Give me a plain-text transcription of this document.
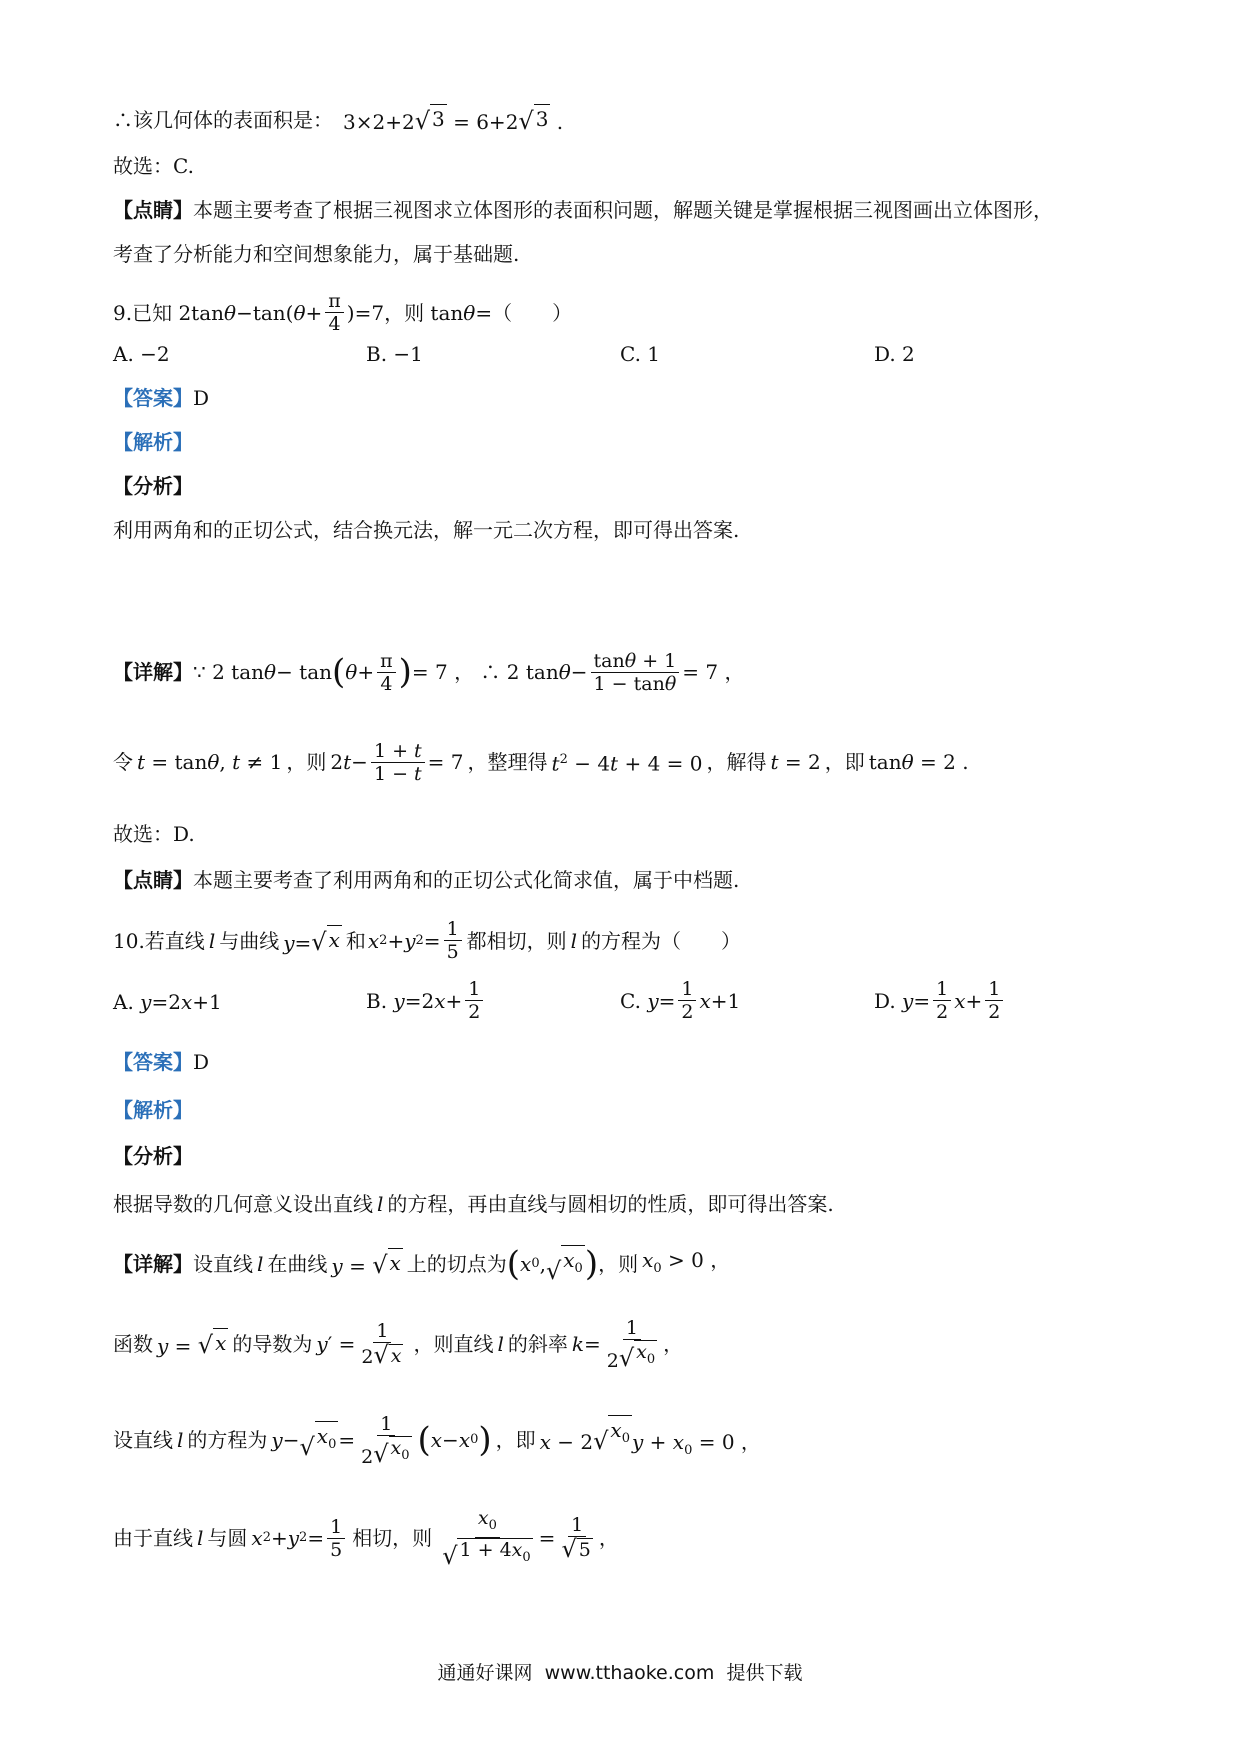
∴该几何体的表面积是： 3×2+2 √ 3 = 6+2 √ 3 .
故选：C.
【点睛】 本题主要考查了根据三视图求立体图形的表面积问题，解题关键是掌握根据三视图画出立体图形，
考查了分析能力和空间想象能力，属于基础题.
9.已知 2tan θ −tan( $\theta + \frac{\pi}{4} )=7$，则 tan θ =（　　）
A. −2	B. −1	C. 1	D. 2
【答案】 D
【解析】
【分析】
利用两角和的正切公式，结合换元法，解一元二次方程，即可得出答案.
【详解】 ∵ 2 tan θ − tan ( $\theta + \frac{\pi}{4}$ ) = 7 ， ∴ 2 $\tan \theta - \frac{\tan\theta + 1}{1 - \tan\theta} = 7$ ，
令 t = tanθ, t ≠ 1 ，则 2 $t - \frac{1 + t}{1 - t} = 7$ ，整理得 $t^2 - 4t + 4 = 0$ ，解得 t = 2 ，即 tanθ = 2 .
故选：D.
【点睛】 本题主要考查了利用两角和的正切公式化简求值，属于中档题.
10.若直线 l 与曲线 y= √ x 和 x 2 + y $2 = \frac{1}{5}$ 都相切，则 l 的方程为（　　）
A.
y =2 x +1	B.
y =2 $x + \frac{1}{2}$	C.
$y = \frac{1}{2}$ x +1	D.
$y = \frac{1}{2}$ $x + \frac{1}{2}$
【答案】 D
【解析】
【分析】
根据导数的几何意义设出直线 l 的方程，再由直线与圆相切的性质，即可得出答案.
【详解】 设直线 l 在曲线 y = √ x 上的切点为 ( x 0 , √ $x_0$ ) ，则 $x_0 > 0$ ，
函数 y = √ x 的导数为 y ′ = $\frac{1}{2 √ x}$ ，则直线 l 的斜率 $k = \frac{1}{2 √ x_0}$ ，
设直线 l 的方程为 y − √ $x_0 = \frac{1}{2 √ x_0}$ ( x − x 0 ) ，即 x − 2 √ $x_0$ $y + x_0 = 0$ ，
由于直线 l 与圆 x 2 + y $2 = \frac{1}{5}$ 相切，则 $\frac{x_0}{√ 1 + 4x_0} = \frac{1}{√ 5}$ ，
通通好课网 www.tthaoke.com 提供下载
